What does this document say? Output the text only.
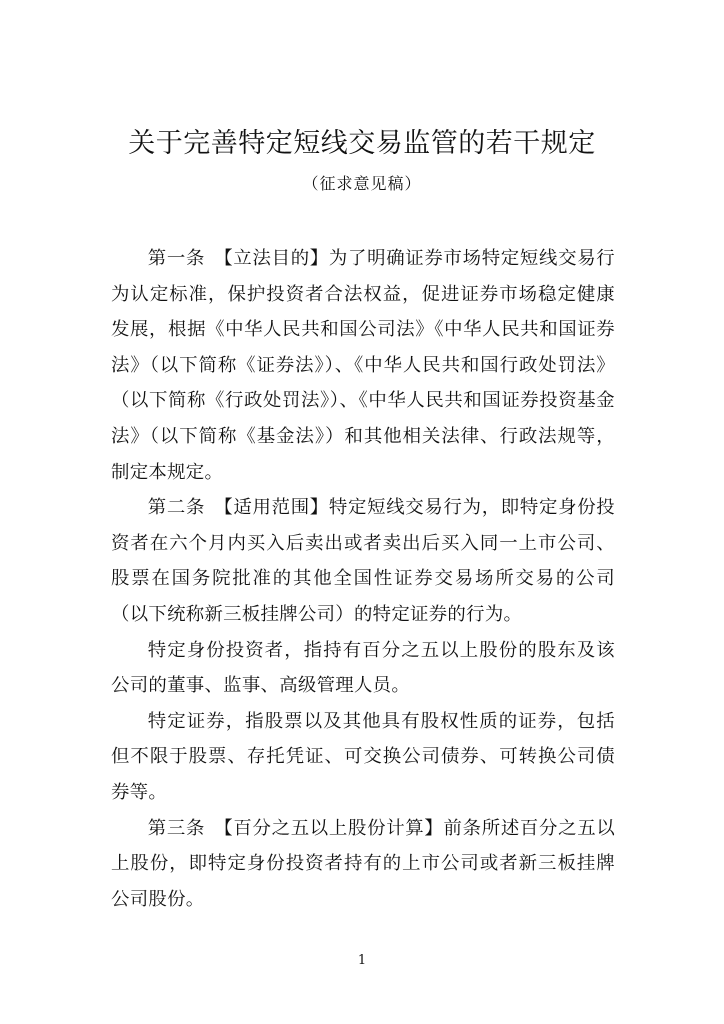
关于完善特定短线交易监管的若干规定
（征求意见稿）

第一条 【立法目的】为了明确证券市场特定短线交易行为认定标准，保护投资者合法权益，促进证券市场稳定健康发展，根据《中华人民共和国公司法》《中华人民共和国证券法》（以下简称《证券法》）、《中华人民共和国行政处罚法》（以下简称《行政处罚法》）、《中华人民共和国证券投资基金法》（以下简称《基金法》）和其他相关法律、行政法规等，制定本规定。

第二条 【适用范围】特定短线交易行为，即特定身份投资者在六个月内买入后卖出或者卖出后买入同一上市公司、股票在国务院批准的其他全国性证券交易场所交易的公司（以下统称新三板挂牌公司）的特定证券的行为。

特定身份投资者，指持有百分之五以上股份的股东及该公司的董事、监事、高级管理人员。

特定证券，指股票以及其他具有股权性质的证券，包括但不限于股票、存托凭证、可交换公司债券、可转换公司债券等。

第三条 【百分之五以上股份计算】前条所述百分之五以上股份，即特定身份投资者持有的上市公司或者新三板挂牌公司股份。

1
